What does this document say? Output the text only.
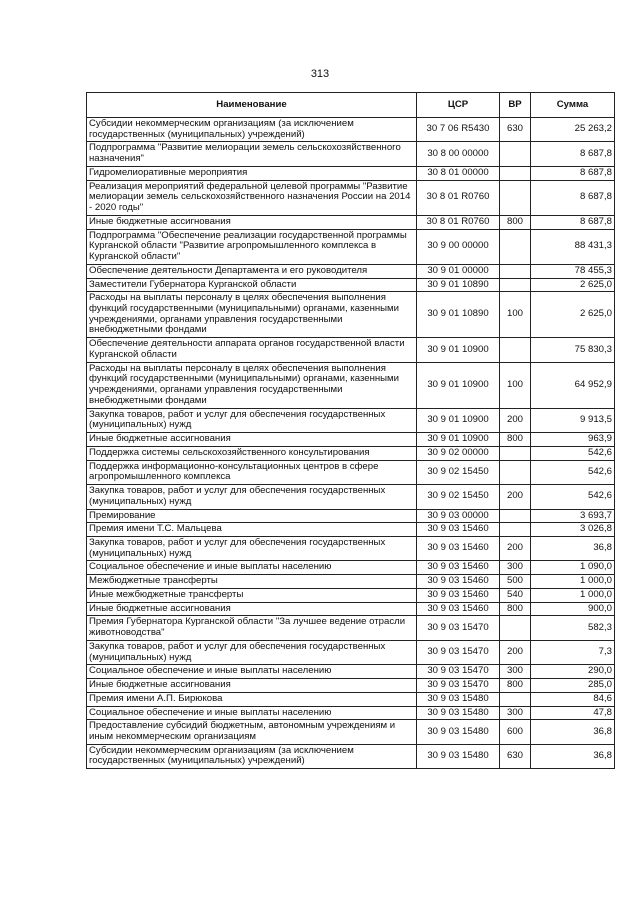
313
Наименование	ЦСР	ВР	Сумма
Субсидии некоммерческим организациям (за исключением государственных (муниципальных) учреждений)	30 7 06 R5430	630	25 263,2
Подпрограмма "Развитие мелиорации земель сельскохозяйственного назначения"	30 8 00 00000		8 687,8
Гидромелиоративные мероприятия	30 8 01 00000		8 687,8
Реализация мероприятий федеральной целевой программы "Развитие мелиорации земель сельскохозяйственного назначения России на 2014 - 2020 годы"	30 8 01 R0760		8 687,8
Иные бюджетные ассигнования	30 8 01 R0760	800	8 687,8
Подпрограмма "Обеспечение реализации государственной программы Курганской области "Развитие агропромышленного комплекса в Курганской области"	30 9 00 00000		88 431,3
Обеспечение деятельности Департамента и его руководителя	30 9 01 00000		78 455,3
Заместители Губернатора Курганской области	30 9 01 10890		2 625,0
Расходы на выплаты персоналу в целях обеспечения выполнения функций государственными (муниципальными) органами, казенными учреждениями, органами управления государственными внебюджетными фондами	30 9 01 10890	100	2 625,0
Обеспечение деятельности аппарата органов государственной власти Курганской области	30 9 01 10900		75 830,3
Расходы на выплаты персоналу в целях обеспечения выполнения функций государственными (муниципальными) органами, казенными учреждениями, органами управления государственными внебюджетными фондами	30 9 01 10900	100	64 952,9
Закупка товаров, работ и услуг для обеспечения государственных (муниципальных) нужд	30 9 01 10900	200	9 913,5
Иные бюджетные ассигнования	30 9 01 10900	800	963,9
Поддержка системы сельскохозяйственного консультирования	30 9 02 00000		542,6
Поддержка информационно-консультационных центров в сфере агропромышленного комплекса	30 9 02 15450		542,6
Закупка товаров, работ и услуг для обеспечения государственных (муниципальных) нужд	30 9 02 15450	200	542,6
Премирование	30 9 03 00000		3 693,7
Премия имени Т.С. Мальцева	30 9 03 15460		3 026,8
Закупка товаров, работ и услуг для обеспечения государственных (муниципальных) нужд	30 9 03 15460	200	36,8
Социальное обеспечение и иные выплаты населению	30 9 03 15460	300	1 090,0
Межбюджетные трансферты	30 9 03 15460	500	1 000,0
Иные межбюджетные трансферты	30 9 03 15460	540	1 000,0
Иные бюджетные ассигнования	30 9 03 15460	800	900,0
Премия Губернатора Курганской области "За лучшее ведение отрасли животноводства"	30 9 03 15470		582,3
Закупка товаров, работ и услуг для обеспечения государственных (муниципальных) нужд	30 9 03 15470	200	7,3
Социальное обеспечение и иные выплаты населению	30 9 03 15470	300	290,0
Иные бюджетные ассигнования	30 9 03 15470	800	285,0
Премия имени А.П. Бирюкова	30 9 03 15480		84,6
Социальное обеспечение и иные выплаты населению	30 9 03 15480	300	47,8
Предоставление субсидий бюджетным, автономным учреждениям и иным некоммерческим организациям	30 9 03 15480	600	36,8
Субсидии некоммерческим организациям (за исключением государственных (муниципальных) учреждений)	30 9 03 15480	630	36,8
